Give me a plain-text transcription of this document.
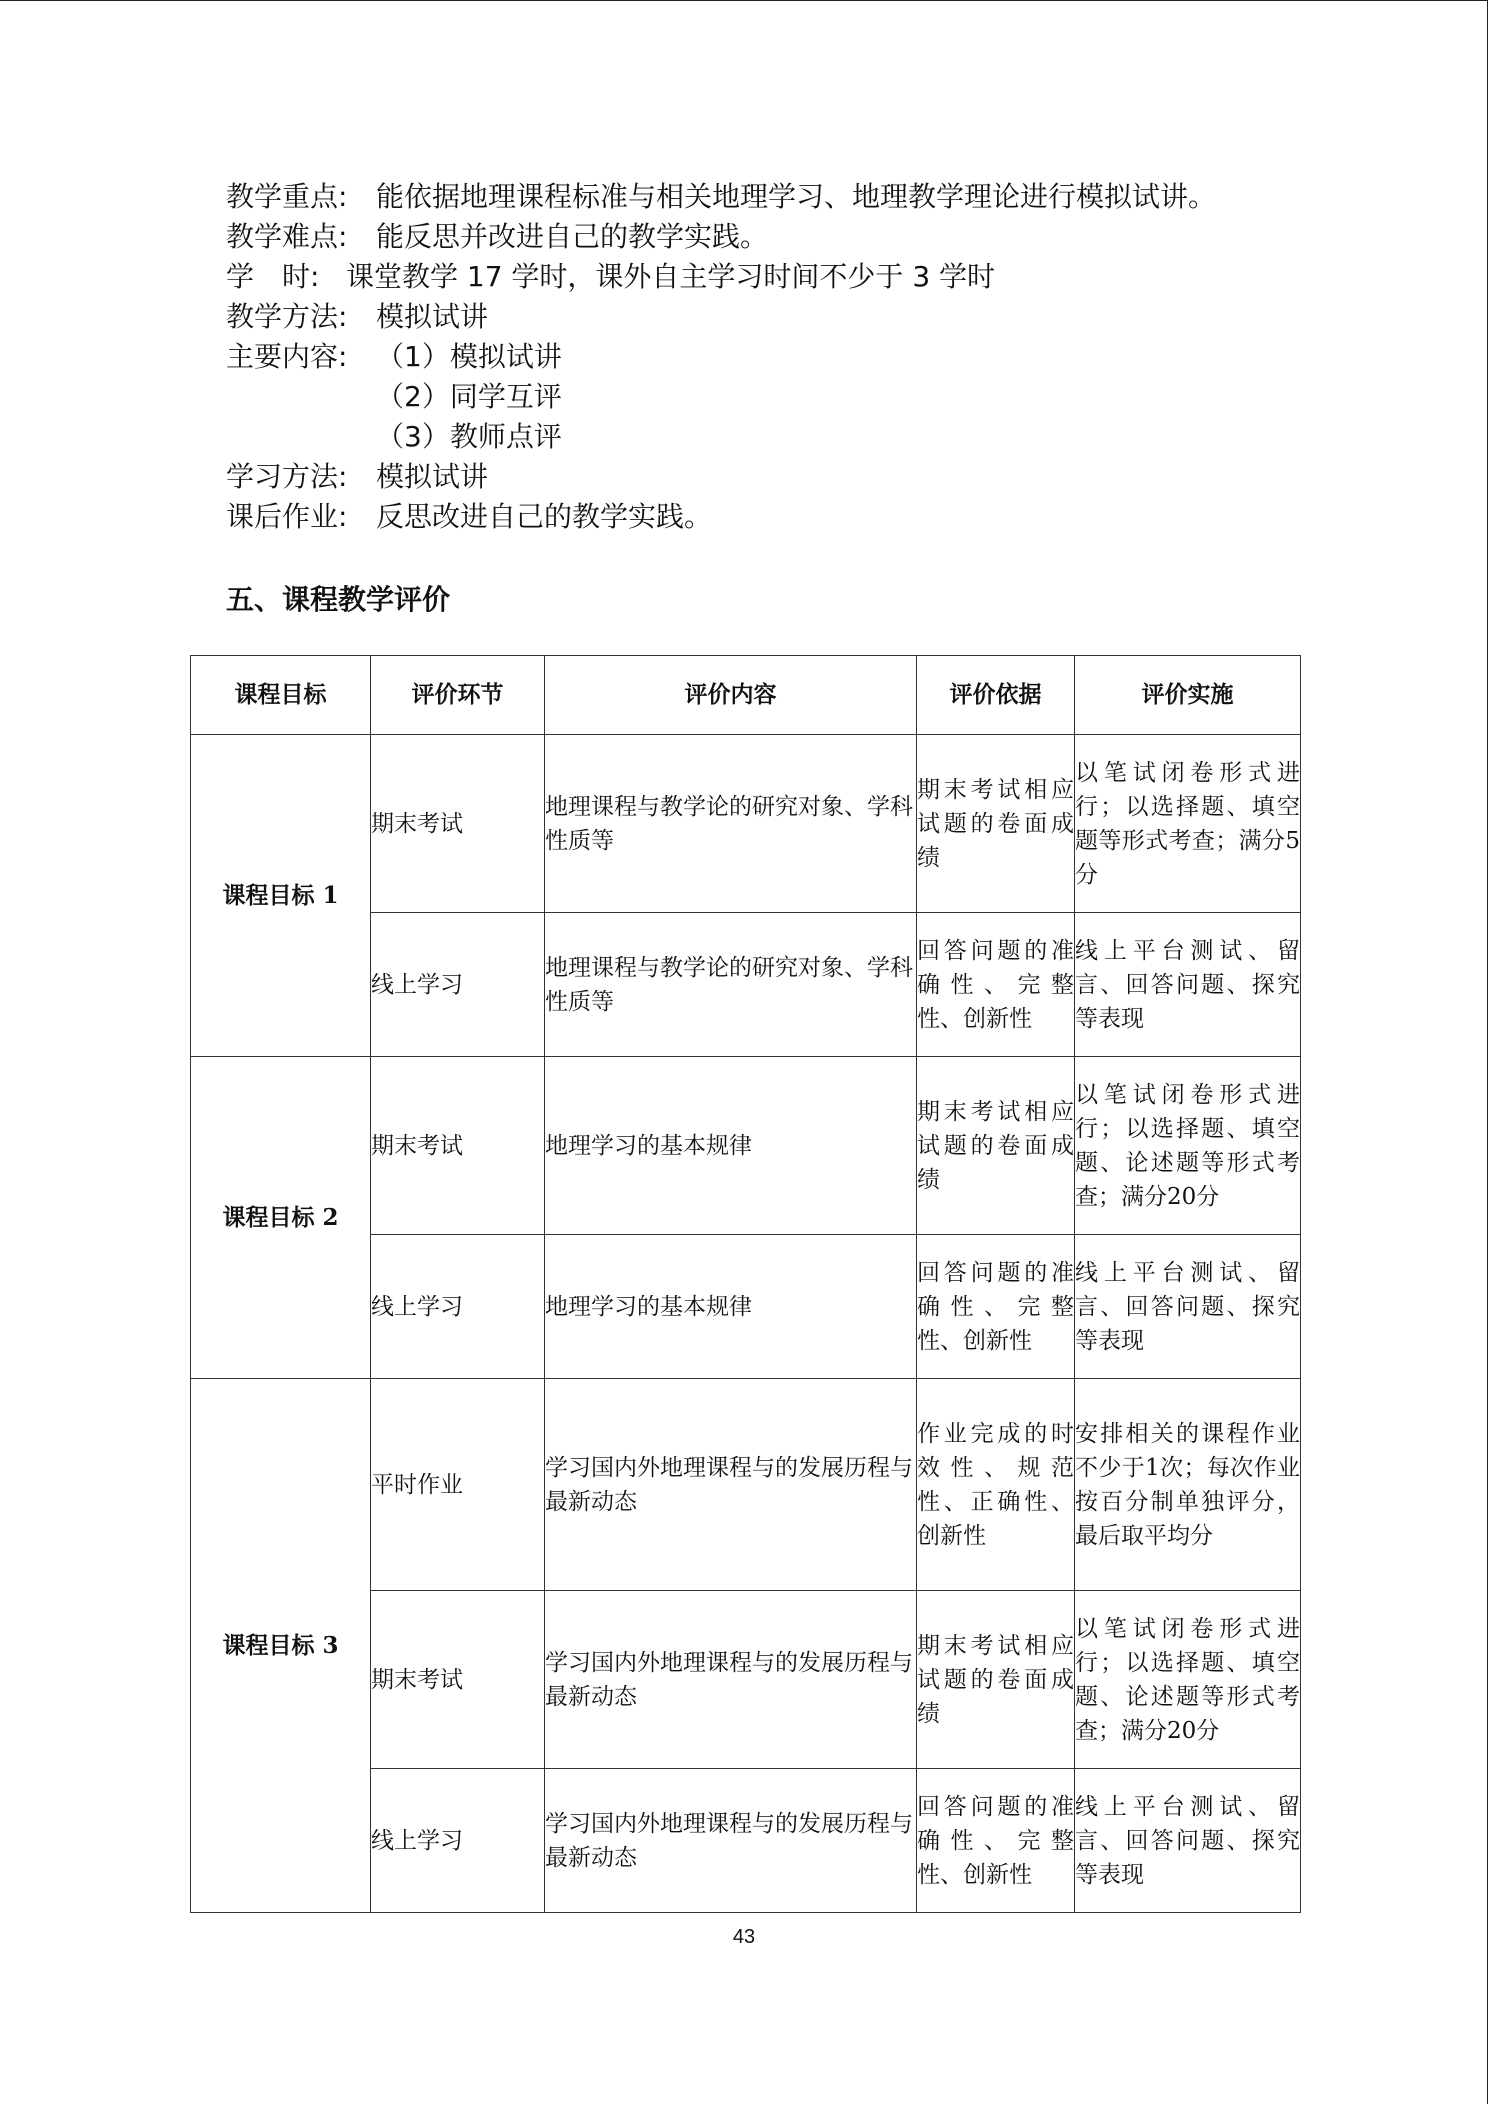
教学重点: 能依据地理课程标准与相关地理学习、地理教学理论进行模拟试讲。
教学难点: 能反思并改进自己的教学实践。
学　时: 课堂教学 17 学时，课外自主学习时间不少于 3 学时
教学方法: 模拟试讲
主要内容: （1）模拟试讲
（2）同学互评
（3）教师点评
学习方法: 模拟试讲
课后作业: 反思改进自己的教学实践。
五、课程教学评价
课程目标	评价环节	评价内容	评价依据	评价实施
课程目标 1	期末考试	地理课程与教学论的研究对象、学科性质等	期末考试相应试题的卷面成绩	以笔试闭卷形式进行；以选择题、填空题等形式考查；满分5分
	线上学习	地理课程与教学论的研究对象、学科性质等	回答问题的准确性、完整性、创新性	线上平台测试、留言、回答问题、探究等表现
课程目标 2	期末考试	地理学习的基本规律	期末考试相应试题的卷面成绩	以笔试闭卷形式进行；以选择题、填空题、论述题等形式考查；满分20分
	线上学习	地理学习的基本规律	回答问题的准确性、完整性、创新性	线上平台测试、留言、回答问题、探究等表现
课程目标 3	平时作业	学习国内外地理课程与的发展历程与最新动态	作业完成的时效性、规范性、正确性、创新性	安排相关的课程作业不少于1次；每次作业按百分制单独评分，最后取平均分
	期末考试	学习国内外地理课程与的发展历程与最新动态	期末考试相应试题的卷面成绩	以笔试闭卷形式进行；以选择题、填空题、论述题等形式考查；满分20分
	线上学习	学习国内外地理课程与的发展历程与最新动态	回答问题的准确性、完整性、创新性	线上平台测试、留言、回答问题、探究等表现
43
